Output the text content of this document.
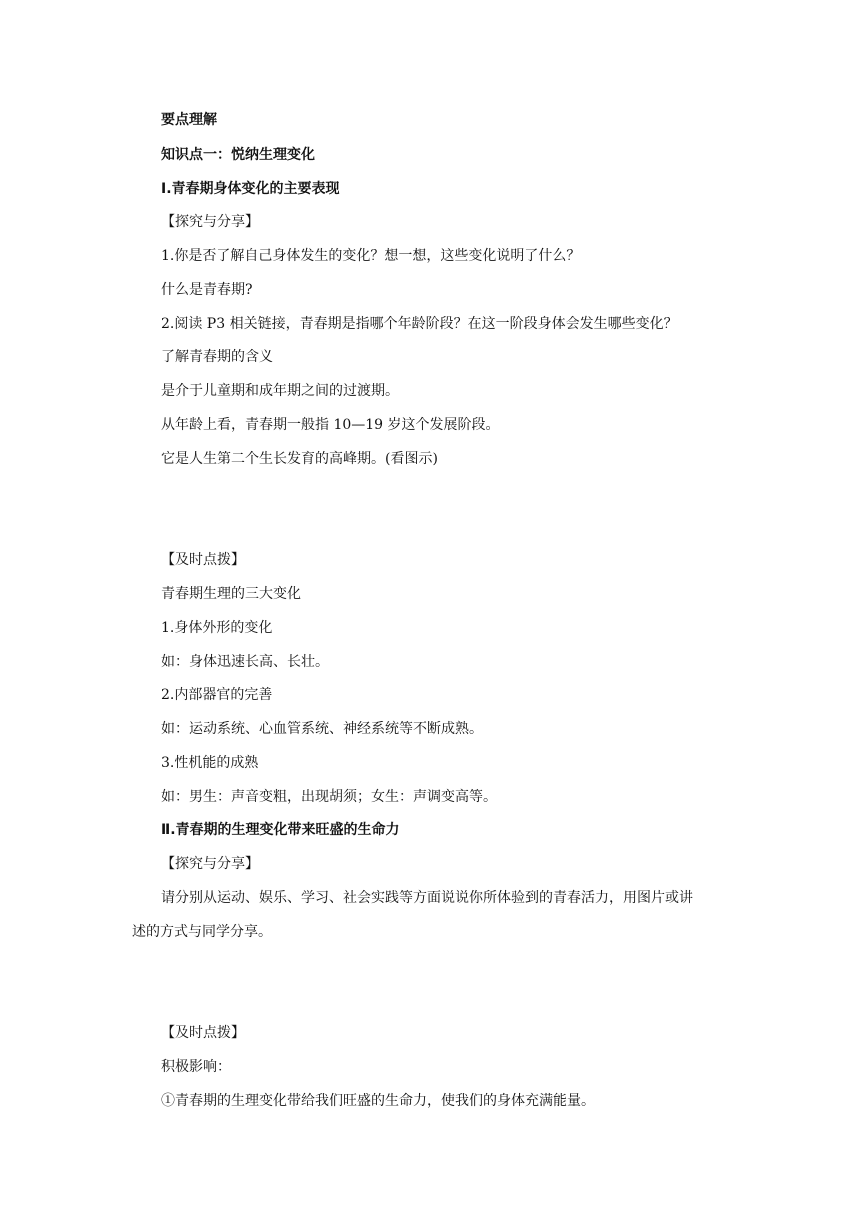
要点理解
知识点一：悦纳生理变化
Ⅰ.青春期身体变化的主要表现
【探究与分享】
1.你是否了解自己身体发生的变化？想一想，这些变化说明了什么？
什么是青春期?
2.阅读 P3 相关链接，青春期是指哪个年龄阶段？在这一阶段身体会发生哪些变化？
了解青春期的含义
是介于儿童期和成年期之间的过渡期。
从年龄上看，青春期一般指 10—19 岁这个发展阶段。
它是人生第二个生长发育的高峰期。(看图示)
【及时点拨】
青春期生理的三大变化
1.身体外形的变化
如：身体迅速长高、长壮。
2.内部器官的完善
如：运动系统、心血管系统、神经系统等不断成熟。
3.性机能的成熟
如：男生：声音变粗，出现胡须；女生：声调变高等。
Ⅱ.青春期的生理变化带来旺盛的生命力
【探究与分享】
请分别从运动、娱乐、学习、社会实践等方面说说你所体验到的青春活力，用图片或讲
述的方式与同学分享。
【及时点拨】
积极影响：
①青春期的生理变化带给我们旺盛的生命力，使我们的身体充满能量。
